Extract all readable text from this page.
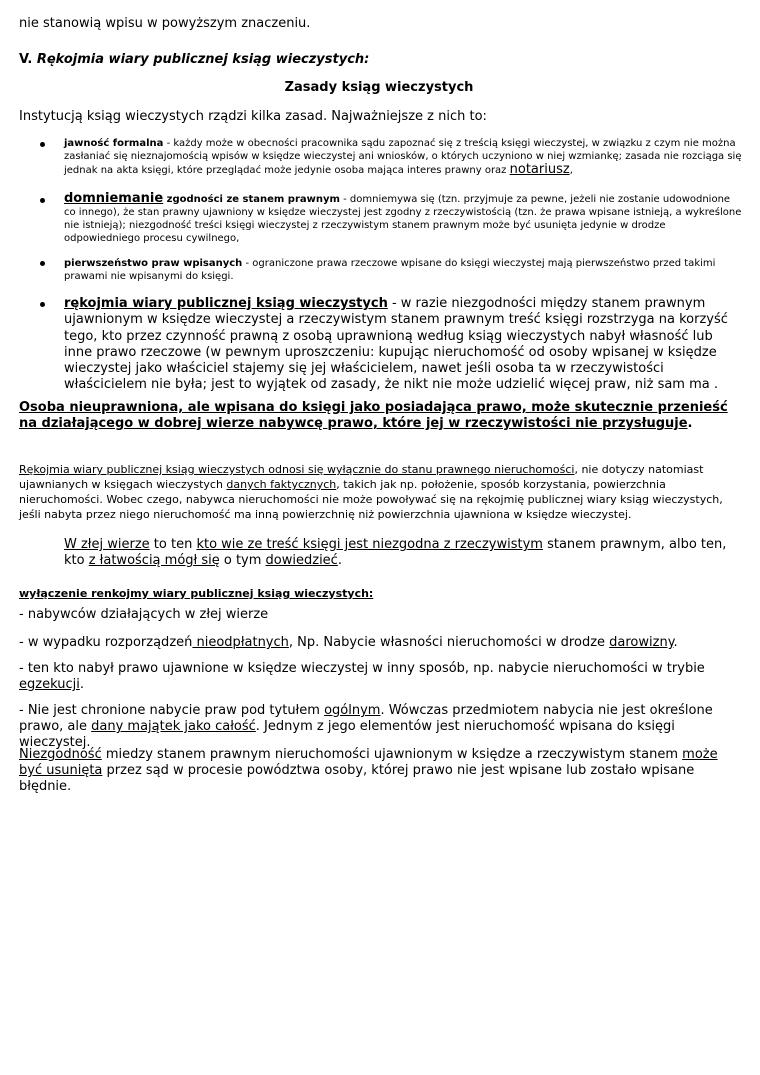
nie stanowią wpisu w powyższym znaczeniu.

V. Rękojmia wiary publicznej ksiąg wieczystych:

Zasady ksiąg wieczystych

Instytucją ksiąg wieczystych rządzi kilka zasad. Najważniejsze z nich to:

jawność formalna - każdy może w obecności pracownika sądu zapoznać się z treścią księgi wieczystej, w związku z czym nie można zasłaniać się nieznajomością wpisów w księdze wieczystej ani wniosków, o których uczyniono w niej wzmiankę; zasada nie rozciąga się jednak na akta księgi, które przeglądać może jedynie osoba mająca interes prawny oraz notariusz,

domniemanie zgodności ze stanem prawnym - domniemywa się (tzn. przyjmuje za pewne, jeżeli nie zostanie udowodnione co innego), że stan prawny ujawniony w księdze wieczystej jest zgodny z rzeczywistością (tzn. że prawa wpisane istnieją, a wykreślone nie istnieją); niezgodność treści księgi wieczystej z rzeczywistym stanem prawnym może być usunięta jedynie w drodze odpowiedniego procesu cywilnego,

pierwszeństwo praw wpisanych - ograniczone prawa rzeczowe wpisane do księgi wieczystej mają pierwszeństwo przed takimi prawami nie wpisanymi do księgi.

rękojmia wiary publicznej ksiąg wieczystych - w razie niezgodności między stanem prawnym ujawnionym w księdze wieczystej a rzeczywistym stanem prawnym treść księgi rozstrzyga na korzyść tego, kto przez czynność prawną z osobą uprawnioną według ksiąg wieczystych nabył własność lub inne prawo rzeczowe (w pewnym uproszczeniu: kupując nieruchomość od osoby wpisanej w księdze wieczystej jako właściciel stajemy się jej właścicielem, nawet jeśli osoba ta w rzeczywistości właścicielem nie była; jest to wyjątek od zasady, że nikt nie może udzielić więcej praw, niż sam ma .

Osoba nieuprawniona, ale wpisana do księgi jako posiadająca prawo, może skutecznie przenieść na działającego w dobrej wierze nabywcę prawo, które jej w rzeczywistości nie przysługuje.

Rękojmia wiary publicznej ksiąg wieczystych odnosi się wyłącznie do stanu prawnego nieruchomości, nie dotyczy natomiast ujawnianych w księgach wieczystych danych faktycznych, takich jak np. położenie, sposób korzystania, powierzchnia nieruchomości. Wobec czego, nabywca nieruchomości nie może powoływać się na rękojmię publicznej wiary ksiąg wieczystych, jeśli nabyta przez niego nieruchomość ma inną powierzchnię niż powierzchnia ujawniona w księdze wieczystej.

W złej wierze to ten kto wie ze treść księgi jest niezgodna z rzeczywistym stanem prawnym, albo ten, kto z łatwością mógł się o tym dowiedzieć.

wyłączenie renkojmy wiary publicznej ksiąg wieczystych:

- nabywców działających w złej wierze

- w wypadku rozporządzeń nieodpłatnych, Np. Nabycie własności nieruchomości w drodze darowizny.

- ten kto nabył prawo ujawnione w księdze wieczystej w inny sposób, np. nabycie nieruchomości w trybie egzekucji.

- Nie jest chronione nabycie praw pod tytułem ogólnym. Wówczas przedmiotem nabycia nie jest określone prawo, ale dany majątek jako całość. Jednym z jego elementów jest nieruchomość wpisana do księgi wieczystej.

Niezgodność miedzy stanem prawnym nieruchomości ujawnionym w księdze a rzeczywistym stanem może być usunięta przez sąd w procesie powództwa osoby, której prawo nie jest wpisane lub zostało wpisane błędnie.
